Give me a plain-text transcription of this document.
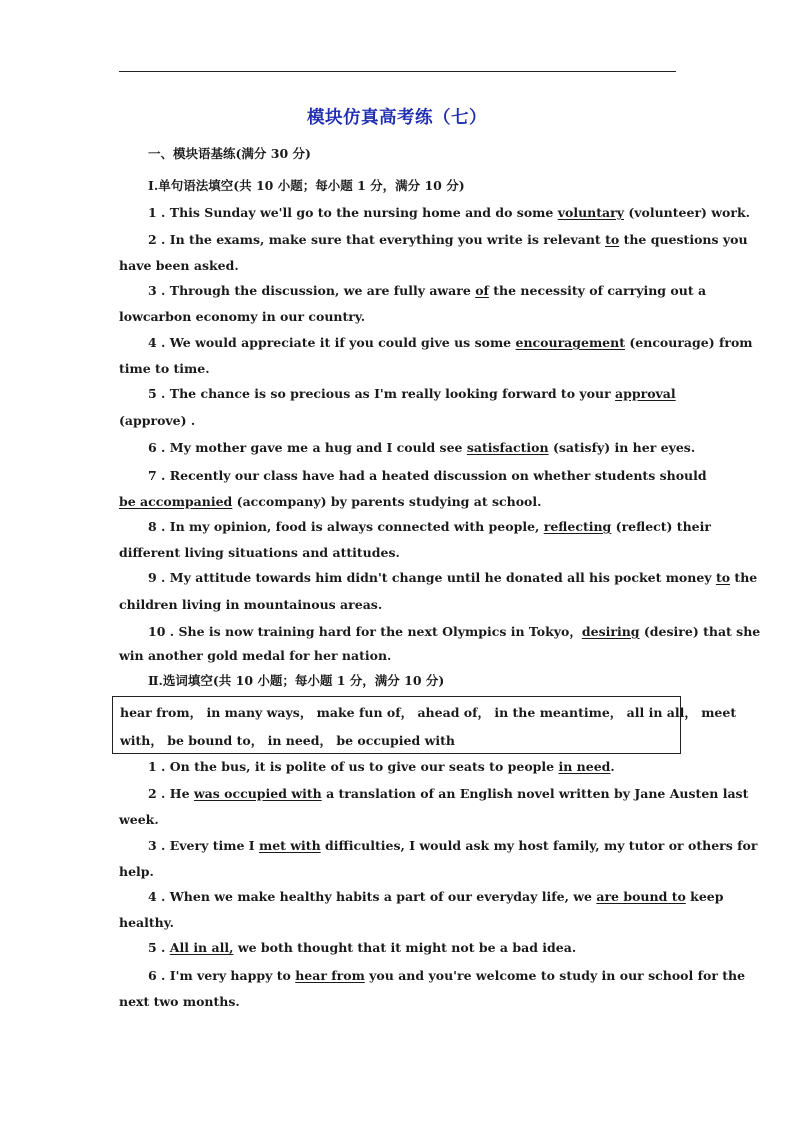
模块仿真高考练（七）
一、模块语基练(满分 30 分)
Ⅰ.单句语法填空(共 10 小题；每小题 1 分，满分 10 分)
1 . This Sunday we'll go to the nursing home and do some voluntary (volunteer) work.
2 . In the exams, make sure that everything you write is relevant to the questions you
have been asked.
3 . Through the discussion, we are fully aware of the necessity of carrying out a
lowcarbon economy in our country.
4 . We would appreciate it if you could give us some encouragement (encourage) from
time to time.
5 . The chance is so precious as I'm really looking forward to your approval
(approve) .
6 . My mother gave me a hug and I could see satisfaction (satisfy) in her eyes.
7 . Recently our class have had a heated discussion on whether students should
be accompanied (accompany) by parents studying at school.
8 . In my opinion, food is always connected with people, reflecting (reflect) their
different living situations and attitudes.
9 . My attitude towards him didn't change until he donated all his pocket money to the
children living in mountainous areas.
10 . She is now training hard for the next Olympics in Tokyo，desiring (desire) that she
win another gold medal for her nation.
Ⅱ.选词填空(共 10 小题；每小题 1 分，满分 10 分)
hear from， in many ways， make fun of， ahead of， in the meantime， all in all， meet
with， be bound to， in need， be occupied with
1 . On the bus, it is polite of us to give our seats to people in need.
2 . He was occupied with a translation of an English novel written by Jane Austen last
week.
3 . Every time I met with difficulties, I would ask my host family, my tutor or others for
help.
4 . When we make healthy habits a part of our everyday life, we are bound to keep
healthy.
5 . All in all, we both thought that it might not be a bad idea.
6 . I'm very happy to hear from you and you're welcome to study in our school for the
next two months.
